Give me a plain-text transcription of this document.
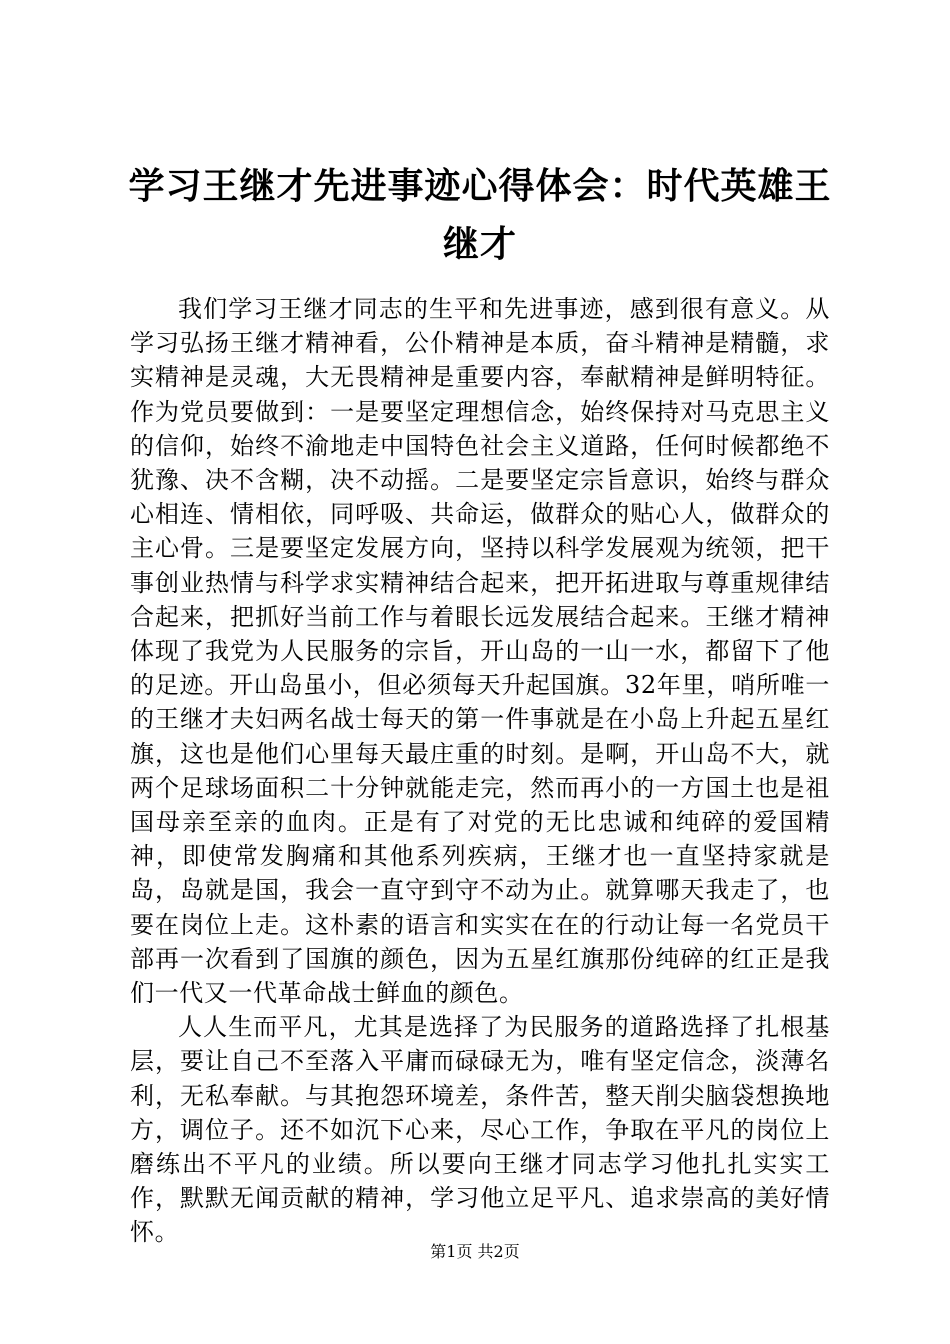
学习王继才先进事迹心得体会：时代英雄王继才

我们学习王继才同志的生平和先进事迹，感到很有意义。从学习弘扬王继才精神看，公仆精神是本质，奋斗精神是精髓，求实精神是灵魂，大无畏精神是重要内容，奉献精神是鲜明特征。作为党员要做到：一是要坚定理想信念，始终保持对马克思主义的信仰，始终不渝地走中国特色社会主义道路，任何时候都绝不犹豫、决不含糊，决不动摇。二是要坚定宗旨意识，始终与群众心相连、情相依，同呼吸、共命运，做群众的贴心人，做群众的主心骨。三是要坚定发展方向，坚持以科学发展观为统领，把干事创业热情与科学求实精神结合起来，把开拓进取与尊重规律结合起来，把抓好当前工作与着眼长远发展结合起来。王继才精神体现了我党为人民服务的宗旨，开山岛的一山一水，都留下了他的足迹。开山岛虽小，但必须每天升起国旗。32年里，哨所唯一的王继才夫妇两名战士每天的第一件事就是在小岛上升起五星红旗，这也是他们心里每天最庄重的时刻。是啊，开山岛不大，就两个足球场面积二十分钟就能走完，然而再小的一方国土也是祖国母亲至亲的血肉。正是有了对党的无比忠诚和纯碎的爱国精神，即使常发胸痛和其他系列疾病，王继才也一直坚持家就是岛，岛就是国，我会一直守到守不动为止。就算哪天我走了，也要在岗位上走。这朴素的语言和实实在在的行动让每一名党员干部再一次看到了国旗的颜色，因为五星红旗那份纯碎的红正是我们一代又一代革命战士鲜血的颜色。

人人生而平凡，尤其是选择了为民服务的道路选择了扎根基层，要让自己不至落入平庸而碌碌无为，唯有坚定信念，淡薄名利，无私奉献。与其抱怨环境差，条件苦，整天削尖脑袋想换地方，调位子。还不如沉下心来，尽心工作，争取在平凡的岗位上磨练出不平凡的业绩。所以要向王继才同志学习他扎扎实实工作，默默无闻贡献的精神，学习他立足平凡、追求崇高的美好情怀。

第1页 共2页
